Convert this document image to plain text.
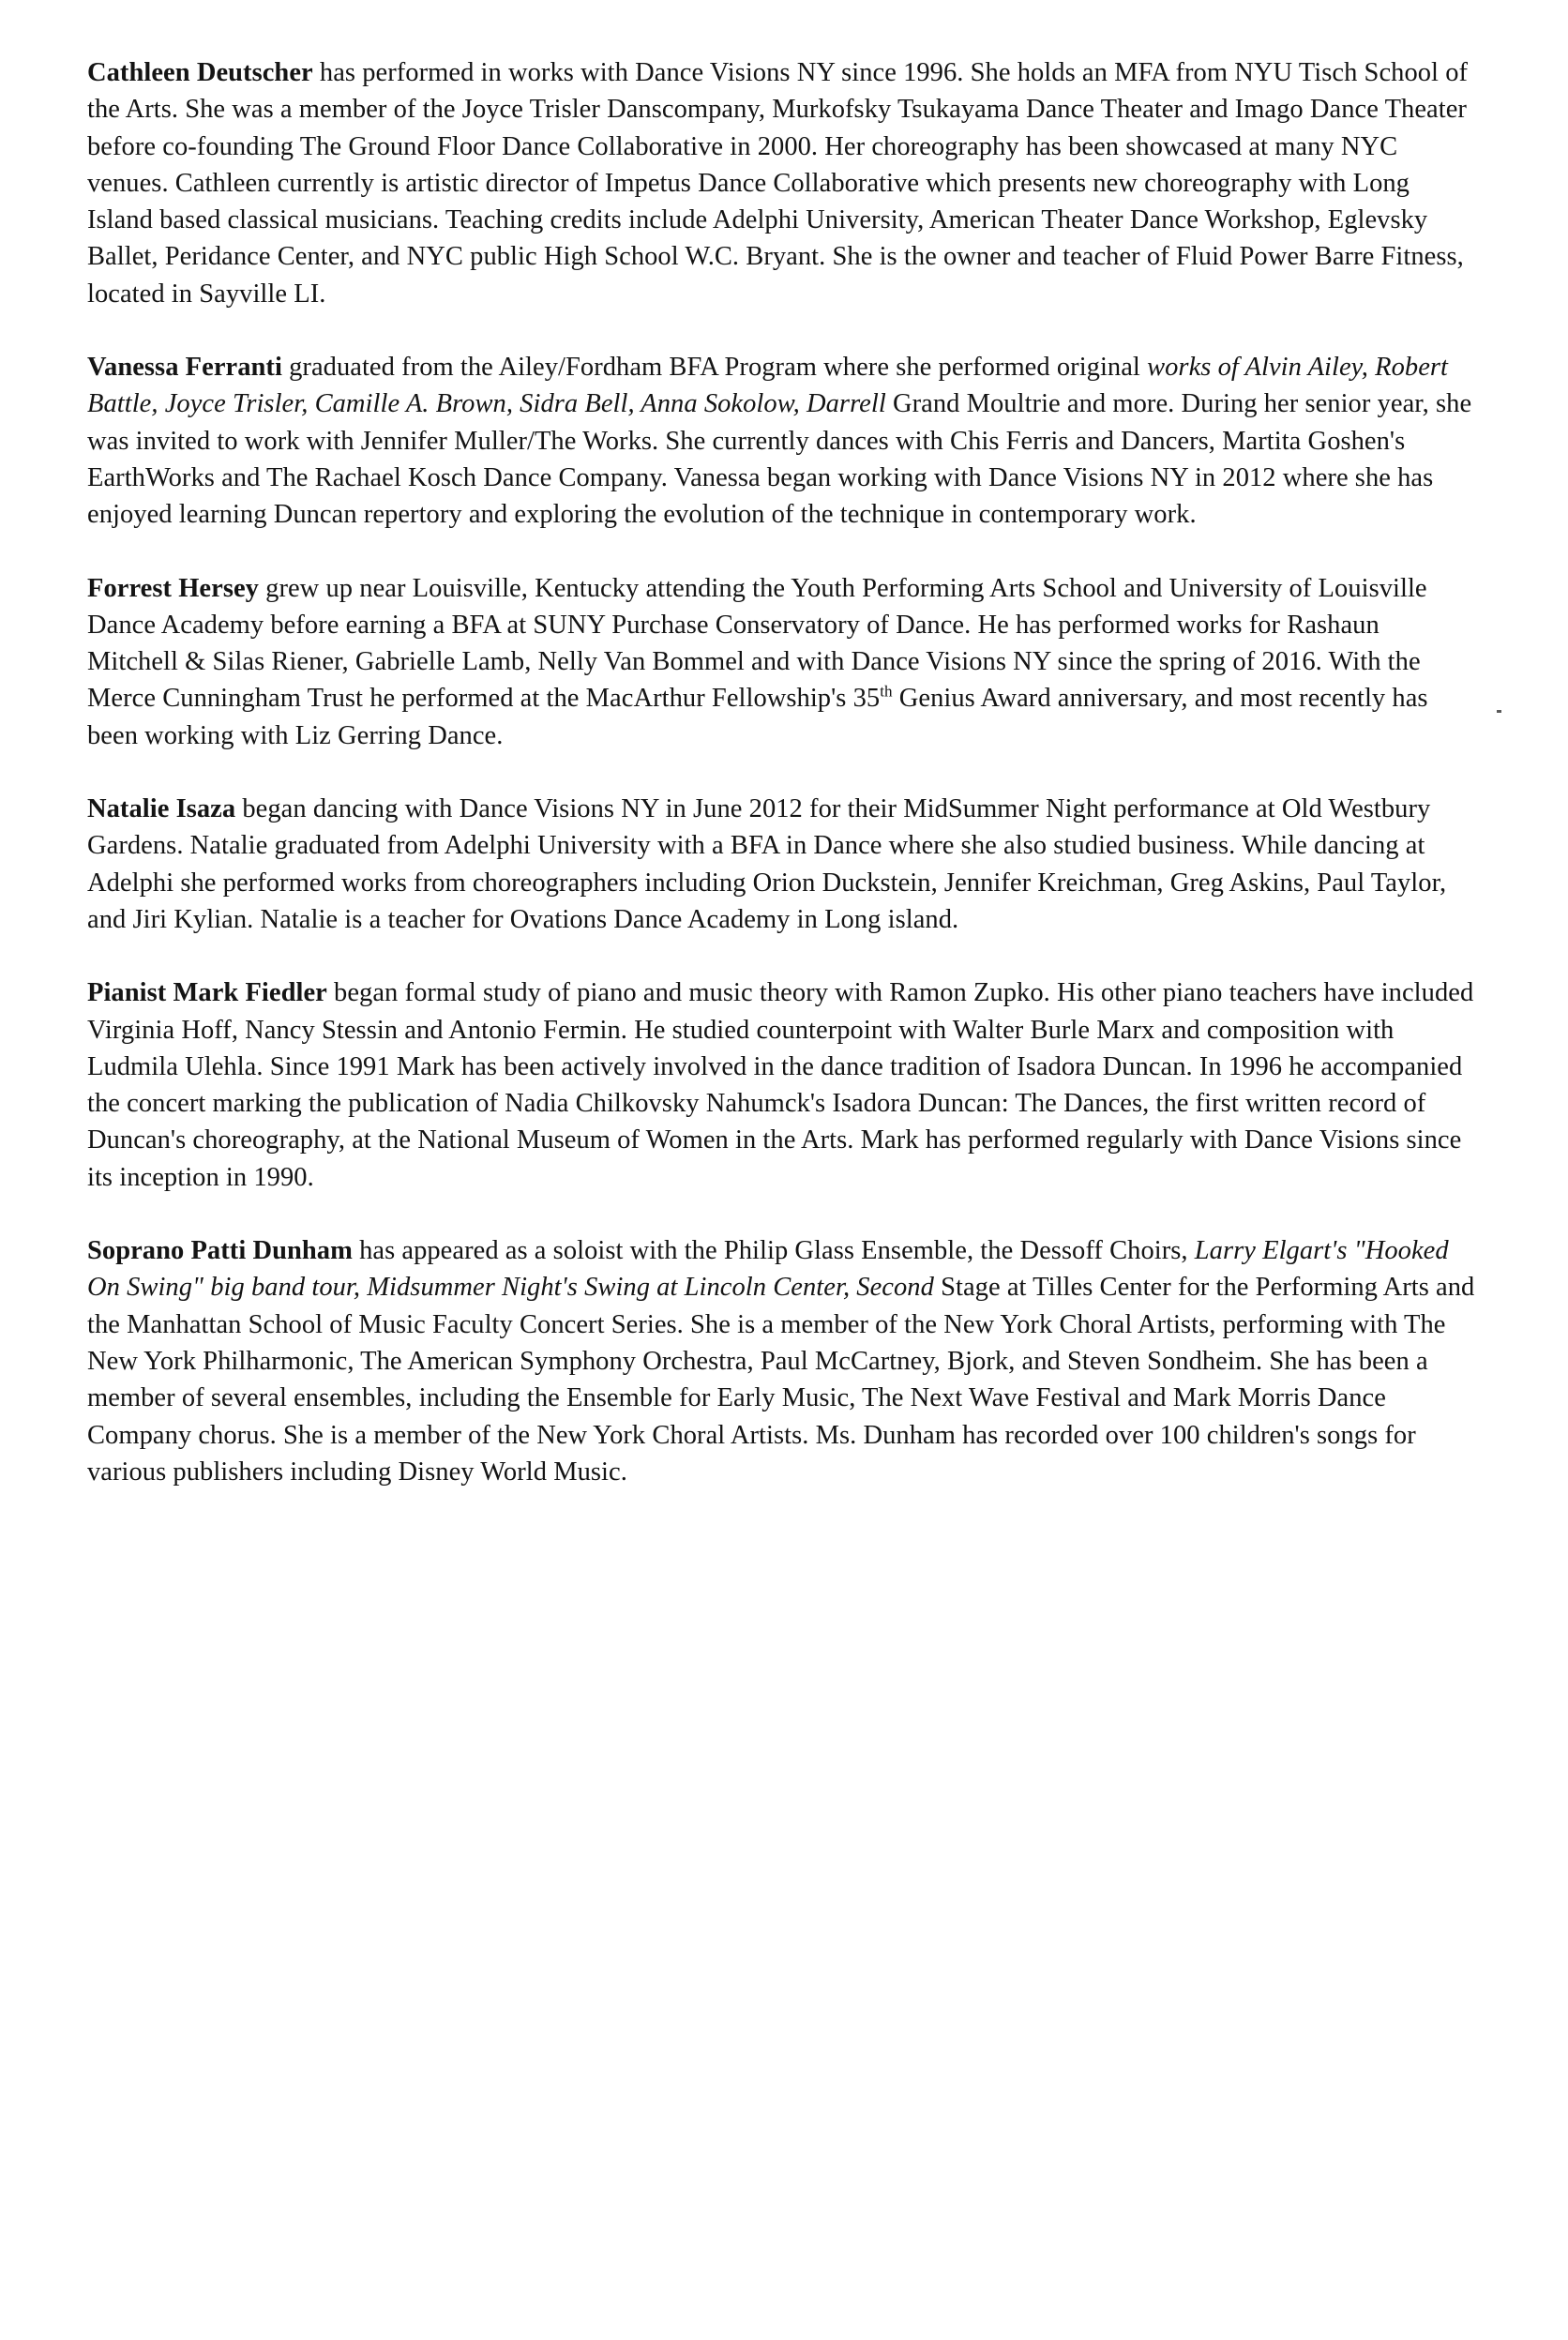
Cathleen Deutscher has performed in works with Dance Visions NY since 1996. She holds an MFA from NYU Tisch School of the Arts. She was a member of the Joyce Trisler Danscompany, Murkofsky Tsukayama Dance Theater and Imago Dance Theater before co-founding The Ground Floor Dance Collaborative in 2000. Her choreography has been showcased at many NYC venues. Cathleen currently is artistic director of Impetus Dance Collaborative which presents new choreography with Long Island based classical musicians. Teaching credits include Adelphi University, American Theater Dance Workshop, Eglevsky Ballet, Peridance Center, and NYC public High School W.C. Bryant. She is the owner and teacher of Fluid Power Barre Fitness, located in Sayville LI.

Vanessa Ferranti graduated from the Ailey/Fordham BFA Program where she performed original works of Alvin Ailey, Robert Battle, Joyce Trisler, Camille A. Brown, Sidra Bell, Anna Sokolow, Darrell Grand Moultrie and more. During her senior year, she was invited to work with Jennifer Muller/The Works. She currently dances with Chis Ferris and Dancers, Martita Goshen's EarthWorks and The Rachael Kosch Dance Company. Vanessa began working with Dance Visions NY in 2012 where she has enjoyed learning Duncan repertory and exploring the evolution of the technique in contemporary work.

Forrest Hersey grew up near Louisville, Kentucky attending the Youth Performing Arts School and University of Louisville Dance Academy before earning a BFA at SUNY Purchase Conservatory of Dance. He has performed works for Rashaun Mitchell & Silas Riener, Gabrielle Lamb, Nelly Van Bommel and with Dance Visions NY since the spring of 2016. With the Merce Cunningham Trust he performed at the MacArthur Fellowship's 35th Genius Award anniversary, and most recently has been working with Liz Gerring Dance.

Natalie Isaza began dancing with Dance Visions NY in June 2012 for their MidSummer Night performance at Old Westbury Gardens. Natalie graduated from Adelphi University with a BFA in Dance where she also studied business. While dancing at Adelphi she performed works from choreographers including Orion Duckstein, Jennifer Kreichman, Greg Askins, Paul Taylor, and Jiri Kylian. Natalie is a teacher for Ovations Dance Academy in Long island.

Pianist Mark Fiedler began formal study of piano and music theory with Ramon Zupko. His other piano teachers have included Virginia Hoff, Nancy Stessin and Antonio Fermin. He studied counterpoint with Walter Burle Marx and composition with Ludmila Ulehla. Since 1991 Mark has been actively involved in the dance tradition of Isadora Duncan. In 1996 he accompanied the concert marking the publication of Nadia Chilkovsky Nahumck's Isadora Duncan: The Dances, the first written record of Duncan's choreography, at the National Museum of Women in the Arts. Mark has performed regularly with Dance Visions since its inception in 1990.

Soprano Patti Dunham has appeared as a soloist with the Philip Glass Ensemble, the Dessoff Choirs, Larry Elgart's "Hooked On Swing" big band tour, Midsummer Night's Swing at Lincoln Center, Second Stage at Tilles Center for the Performing Arts and the Manhattan School of Music Faculty Concert Series. She is a member of the New York Choral Artists, performing with The New York Philharmonic, The American Symphony Orchestra, Paul McCartney, Bjork, and Steven Sondheim. She has been a member of several ensembles, including the Ensemble for Early Music, The Next Wave Festival and Mark Morris Dance Company chorus. She is a member of the New York Choral Artists. Ms. Dunham has recorded over 100 children's songs for various publishers including Disney World Music.
